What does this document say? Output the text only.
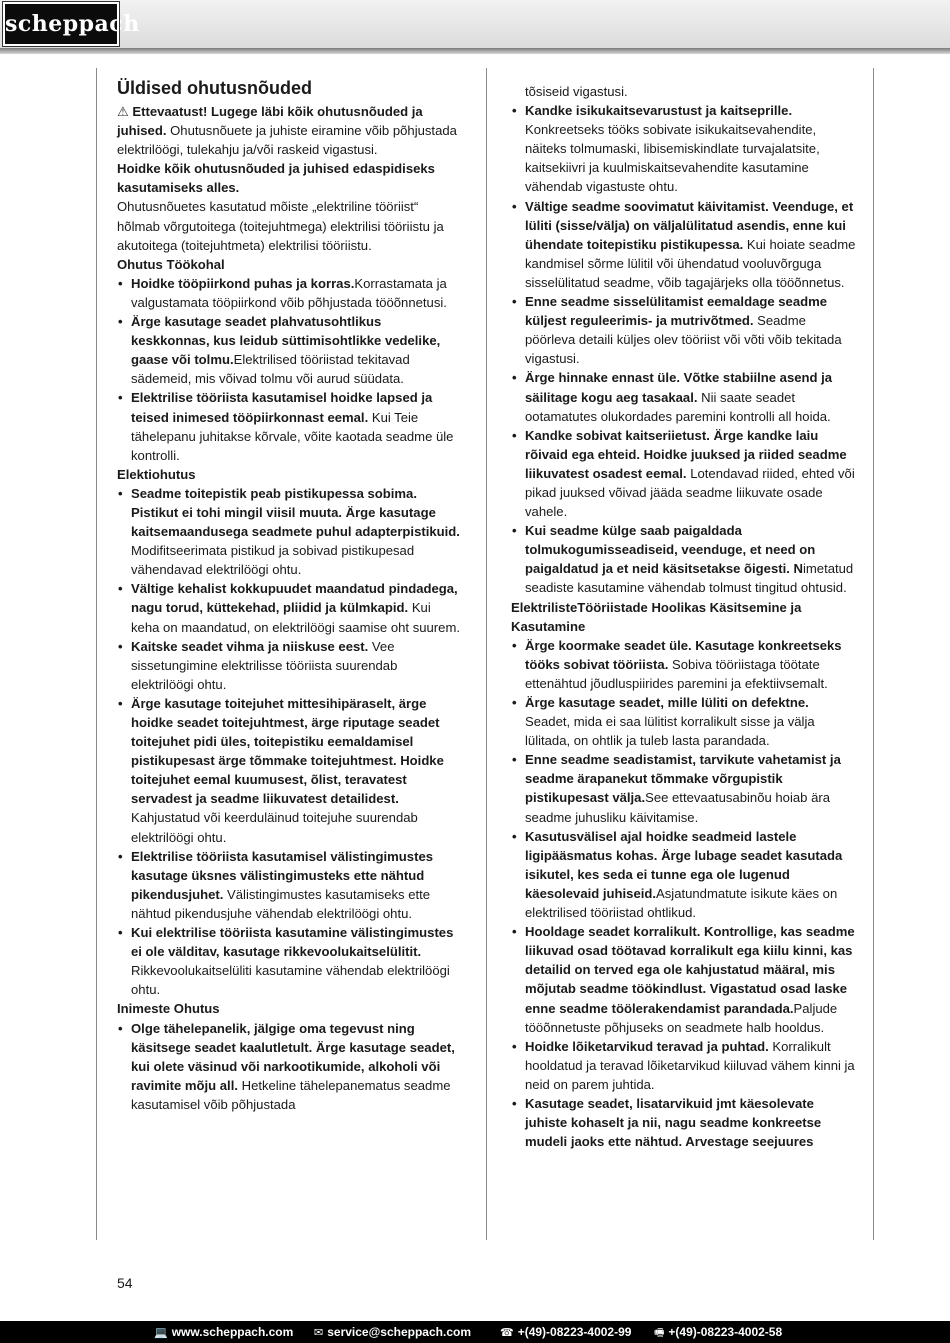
scheppach
Üldised ohutusnõuded

⚠ Ettevaatust! Lugege läbi kõik ohutusnõuded ja juhised. Ohutusnõuete ja juhiste eiramine võib põhjustada elektrilöögi, tulekahju ja/või raskeid vigastusi.

Hoidke kõik ohutusnõuded ja juhised edaspidiseks kasutamiseks alles.

Ohutusnõuetes kasutatud mõiste „elektriline tööriist“ hõlmab võrgutoitega (toitejuhtmega) elektrilisi tööriistu ja akutoitega (toitejuhtmeta) elektrilisi tööriistu.

Ohutus Töökohal

• Hoidke tööpiirkond puhas ja korras.Korrastamata ja valgustamata tööpiirkond võib põhjustada tööõnnetusi.
• Ärge kasutage seadet plahvatusohtlikus keskkonnas, kus leidub süttimisohtlikke vedelike, gaase või tolmu.Elektrilised tööriistad tekitavad sädemeid, mis võivad tolmu või aurud süüdata.
• Elektrilise tööriista kasutamisel hoidke lapsed ja teised inimesed tööpiirkonnast eemal. Kui Teie tähelepanu juhitakse kõrvale, võite kaotada seadme üle kontrolli.

Elektiohutus

• Seadme toitepistik peab pistikupessa sobima. Pistikut ei tohi mingil viisil muuta. Ärge kasutage kaitsemaandusega seadmete puhul adapterpistikuid. Modifitseerimata pistikud ja sobivad pistikupesad vähendavad elektrilöögi ohtu.
• Vältige kehalist kokkupuudet maandatud pindadega, nagu torud, küttekehad, pliidid ja külmkapid. Kui keha on maandatud, on elektrilöögi saamise oht suurem.
• Kaitske seadet vihma ja niiskuse eest. Vee sissetungimine elektrilisse tööriista suurendab elektrilöögi ohtu.
• Ärge kasutage toitejuhet mittesihipäraselt, ärge hoidke seadet toitejuhtmest, ärge riputage seadet toitejuhet pidi üles, toitepistiku eemaldamisel pistikupesast ärge tõmmake toitejuhtmest. Hoidke toitejuhet eemal kuumusest, õlist, teravatest servadest ja seadme liikuvatest detailidest. Kahjustatud või keerduläinud toitejuhe suurendab elektrilöögi ohtu.
• Elektrilise tööriista kasutamisel välistingimustes kasutage üksnes välistingimusteks ette nähtud pikendusjuhet. Välistingimustes kasutamiseks ette nähtud pikendusjuhe vähendab elektrilöögi ohtu.
• Kui elektrilise tööriista kasutamine välistingimustes ei ole välditav, kasutage rikkevoolukaitselülitit. Rikkevoolukaitselüliti kasutamine vähendab elektrilöögi ohtu.

Inimeste Ohutus

• Olge tähelepanelik, jälgige oma tegevust ning käsitsege seadet kaalutletult. Ärge kasutage seadet, kui olete väsinud või narkootikumide, alkoholi või ravimite mõju all. Hetkeline tähelepanematus seadme kasutamisel võib põhjustada

tõsiseid vigastusi.

• Kandke isikukaitsevarustust ja kaitseprille. Konkreetseks tööks sobivate isikukaitsevahendite, näiteks tolmumaski, libisemiskindlate turvajalatsite, kaitsekiivri ja kuulmiskaitsevahendite kasutamine vähendab vigastuste ohtu.
• Vältige seadme soovimatut käivitamist. Veenduge, et lüliti (sisse/välja) on väljalülitatud asendis, enne kui ühendate toitepistiku pistikupessa. Kui hoiate seadme kandmisel sõrme lülitil või ühendatud vooluvõrguga sisselülitatud seadme, võib tagajärjeks olla tööõnnetus.
• Enne seadme sisselülitamist eemaldage seadme küljest reguleerimis- ja mutrivõtmed. Seadme pöörleva detaili küljes olev tööriist või võti võib tekitada vigastusi.
• Ärge hinnake ennast üle. Võtke stabiilne asend ja säilitage kogu aeg tasakaal. Nii saate seadet ootamatutes olukordades paremini kontrolli all hoida.
• Kandke sobivat kaitseriietust. Ärge kandke laiu rõivaid ega ehteid. Hoidke juuksed ja riided seadme liikuvatest osadest eemal. Lotendavad riided, ehted või pikad juuksed võivad jääda seadme liikuvate osade vahele.
• Kui seadme külge saab paigaldada tolmukogumisseadiseid, veenduge, et need on paigaldatud ja et neid käsitsetakse õigesti. Nimetatud seadiste kasutamine vähendab tolmust tingitud ohtusid.

ElektrilisteTööriistade Hoolikas Käsitsemine ja Kasutamine

• Ärge koormake seadet üle. Kasutage konkreetseks tööks sobivat tööriista. Sobiva tööriistaga töötate ettenähtud jõudluspiirides paremini ja efektiivsemalt.
• Ärge kasutage seadet, mille lüliti on defektne. Seadet, mida ei saa lülitist korralikult sisse ja välja lülitada, on ohtlik ja tuleb lasta parandada.
• Enne seadme seadistamist, tarvikute vahetamist ja seadme ärapanekut tõmmake võrgupistik pistikupesast välja.See ettevaatusabinõu hoiab ära seadme juhusliku käivitamise.
• Kasutusvälisel ajal hoidke seadmeid lastele ligipääsmatus kohas. Ärge lubage seadet kasutada isikutel, kes seda ei tunne ega ole lugenud käesolevaid juhiseid.Asjatundmatute isikute käes on elektrilised tööriistad ohtlikud.
• Hooldage seadet korralikult. Kontrollige, kas seadme liikuvad osad töötavad korralikult ega kiilu kinni, kas detailid on terved ega ole kahjustatud määral, mis mõjutab seadme töökindlust. Vigastatud osad laske enne seadme töölerakendamist parandada.Paljude tööõnnetuste põhjuseks on seadmete halb hooldus.
• Hoidke lõiketarvikud teravad ja puhtad. Korralikult hooldatud ja teravad lõiketarvikud kiiluvad vähem kinni ja neid on parem juhtida.
• Kasutage seadet, lisatarvikuid jmt käesolevate juhiste kohaselt ja nii, nagu seadme konkreetse mudeli jaoks ette nähtud. Arvestage seejuures
54
💻 www.scheppach.com ✉ service@scheppach.com	☎ +(49)-08223-4002-99 🖷 +(49)-08223-4002-58
